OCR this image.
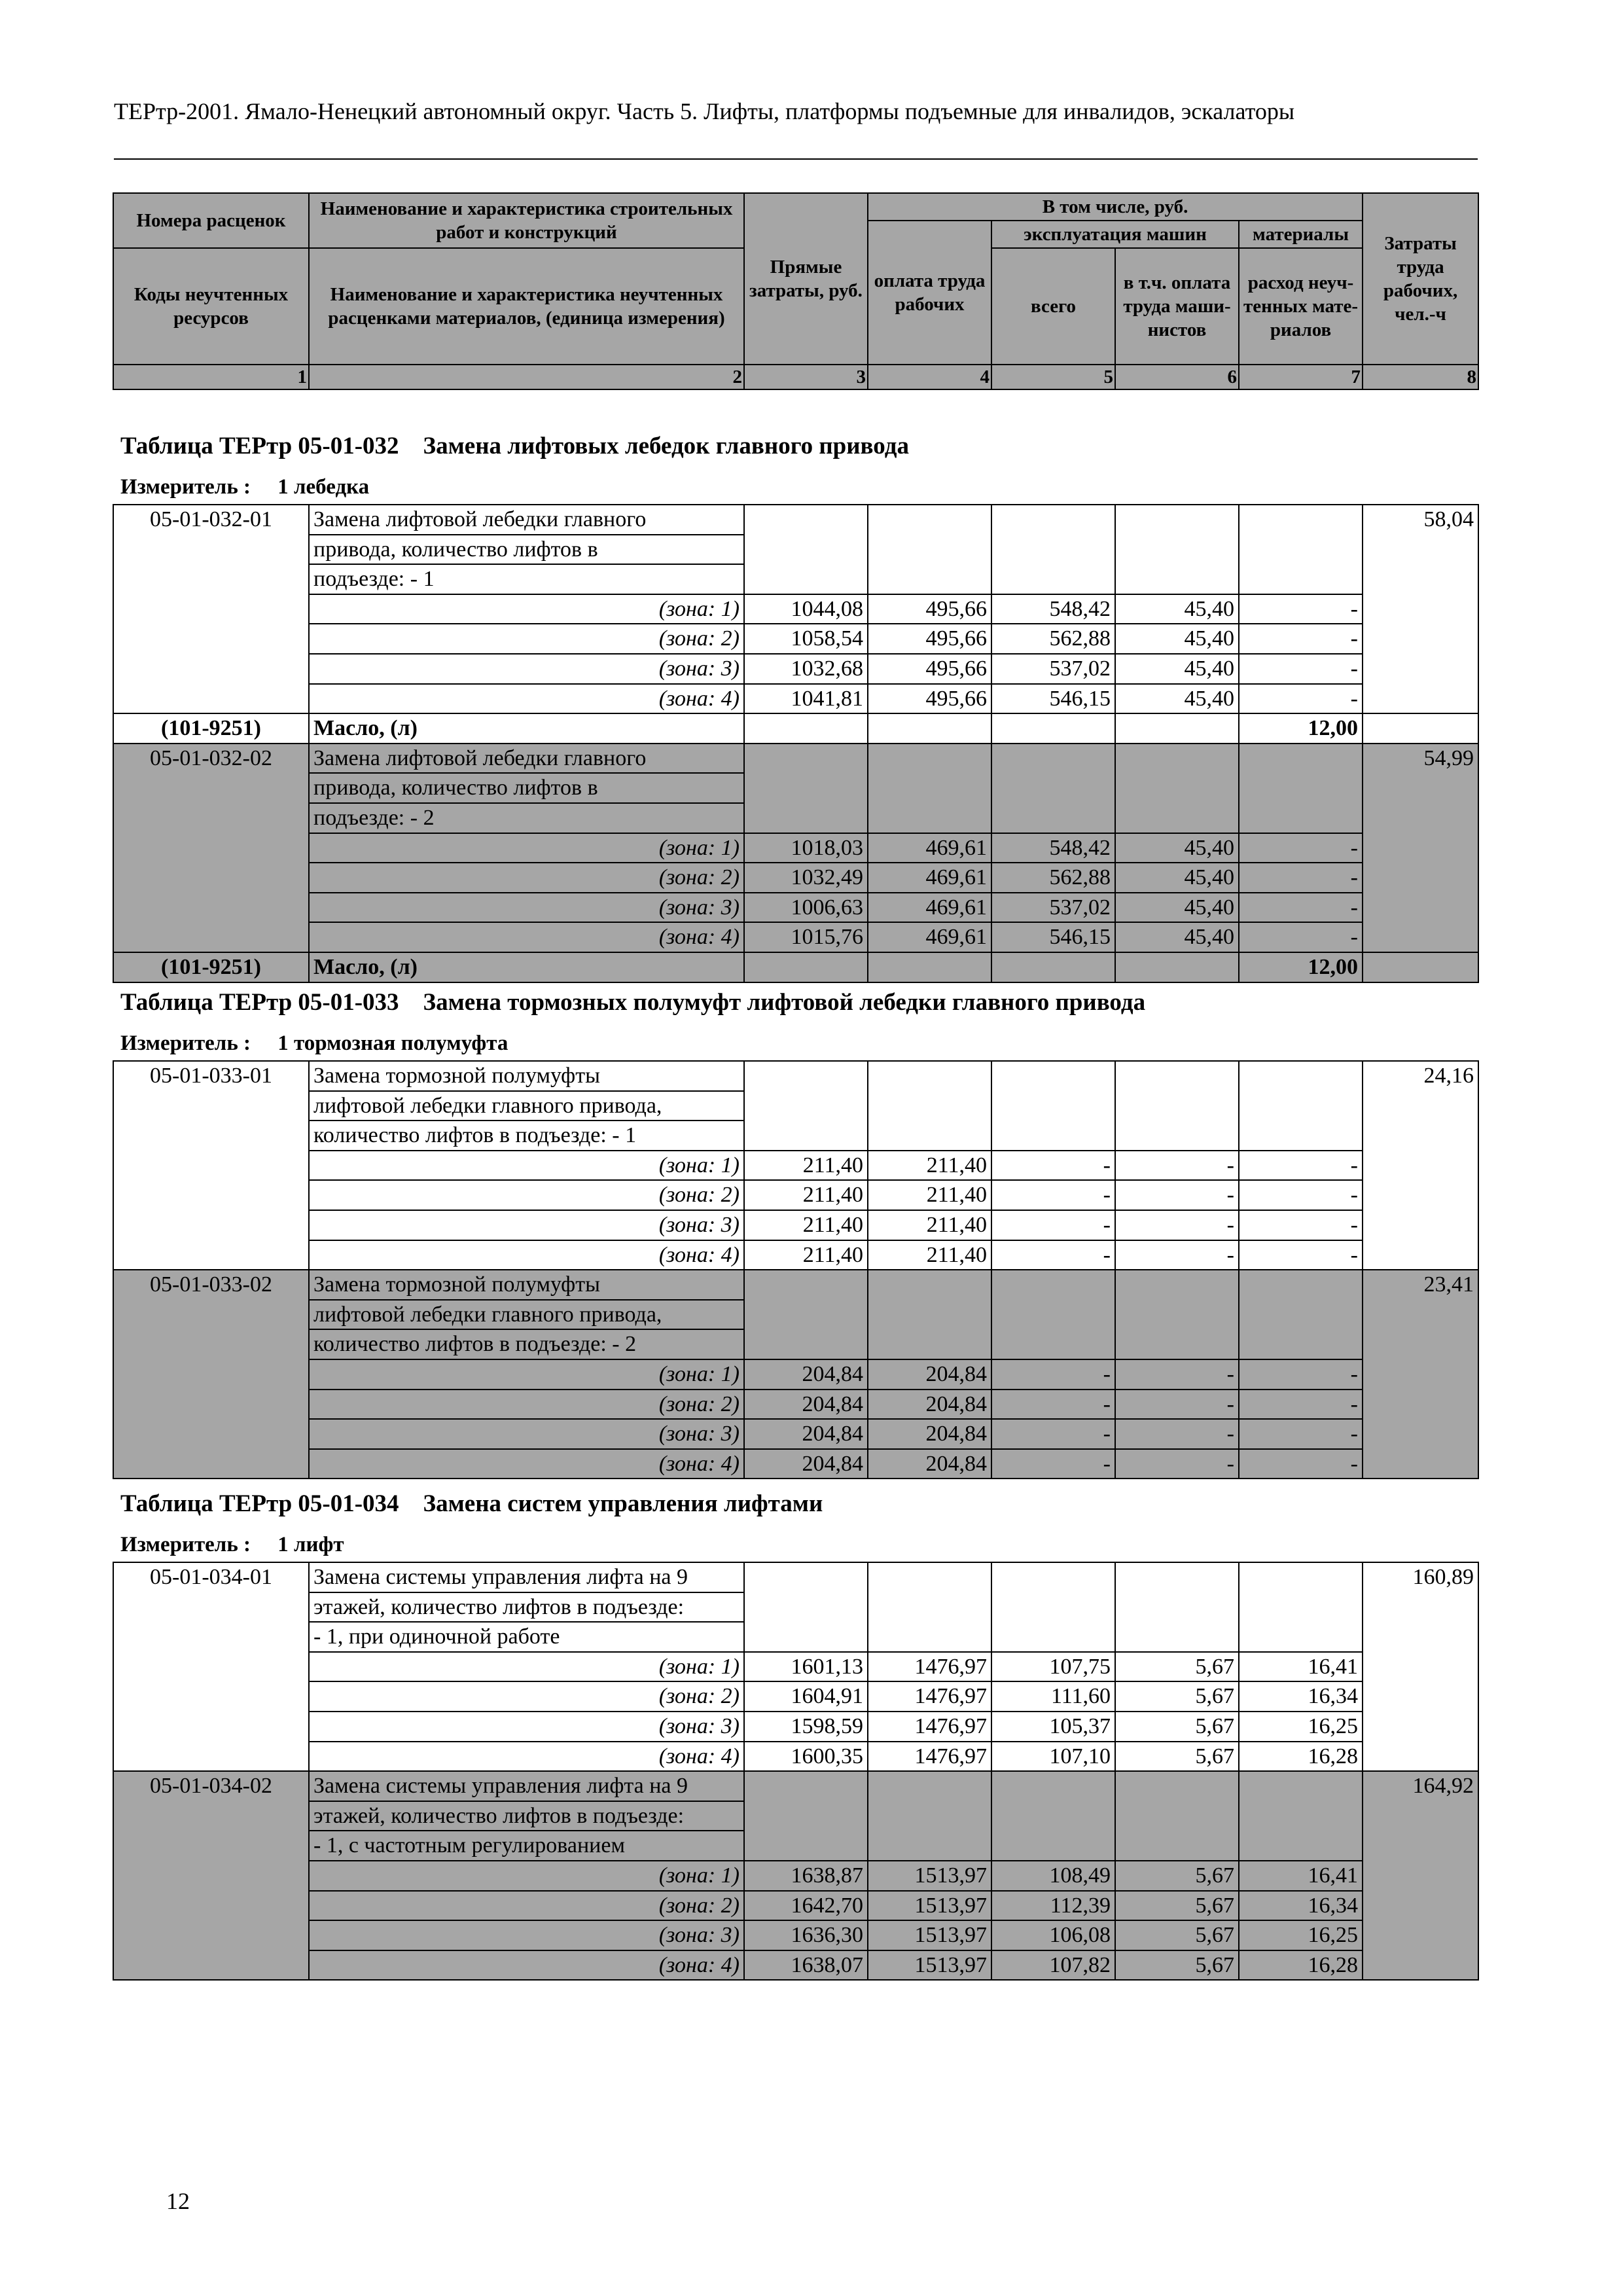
ТЕРтр-2001. Ямало-Ненецкий автономный округ. Часть 5. Лифты, платформы подъемные для инвалидов, эскалаторы
Номера расценок	Наименование и характеристика строительных работ и конструкций	Прямые затраты, руб.	В том числе, руб.				Затраты труда рабочих, чел.-ч
			оплата труда рабочих	эксплуатация машин		материалы	
Коды неучтенных ресурсов	Наименование и характеристика неучтенных расценками материалов, (единица измерения)			всего	в т.ч. оплата труда маши-нистов	расход неуч-тенных мате-риалов	

1	2	3	4	5	6	7	8
Таблица ТЕРтр 05-01-032    Замена лифтовых лебедок главного привода
Измеритель :     1 лебедка
05-01-032-01	Замена лифтовой лебедки главного						58,04
	привода, количество лифтов в						
	подъезде: - 1						
	(зона: 1)	1044,08	495,66	548,42	45,40	-	
	(зона: 2)	1058,54	495,66	562,88	45,40	-	
	(зона: 3)	1032,68	495,66	537,02	45,40	-	
	(зона: 4)	1041,81	495,66	546,15	45,40	-	
(101-9251)	Масло, (л)					12,00	
05-01-032-02	Замена лифтовой лебедки главного						54,99
	привода, количество лифтов в						
	подъезде: - 2						
	(зона: 1)	1018,03	469,61	548,42	45,40	-	
	(зона: 2)	1032,49	469,61	562,88	45,40	-	
	(зона: 3)	1006,63	469,61	537,02	45,40	-	
	(зона: 4)	1015,76	469,61	546,15	45,40	-	
(101-9251)	Масло, (л)					12,00	
Таблица ТЕРтр 05-01-033    Замена тормозных полумуфт лифтовой лебедки главного привода
Измеритель :     1 тормозная полумуфта
05-01-033-01	Замена тормозной полумуфты						24,16
	лифтовой лебедки главного привода,						
	количество лифтов в подъезде: - 1						
	(зона: 1)	211,40	211,40	-	-	-	
	(зона: 2)	211,40	211,40	-	-	-	
	(зона: 3)	211,40	211,40	-	-	-	
	(зона: 4)	211,40	211,40	-	-	-	
05-01-033-02	Замена тормозной полумуфты						23,41
	лифтовой лебедки главного привода,						
	количество лифтов в подъезде: - 2						
	(зона: 1)	204,84	204,84	-	-	-	
	(зона: 2)	204,84	204,84	-	-	-	
	(зона: 3)	204,84	204,84	-	-	-	
	(зона: 4)	204,84	204,84	-	-	-	
Таблица ТЕРтр 05-01-034    Замена систем управления лифтами
Измеритель :     1 лифт
05-01-034-01	Замена системы управления лифта на 9						160,89
	этажей, количество лифтов в подъезде:						
	- 1, при одиночной работе						
	(зона: 1)	1601,13	1476,97	107,75	5,67	16,41	
	(зона: 2)	1604,91	1476,97	111,60	5,67	16,34	
	(зона: 3)	1598,59	1476,97	105,37	5,67	16,25	
	(зона: 4)	1600,35	1476,97	107,10	5,67	16,28	
05-01-034-02	Замена системы управления лифта на 9						164,92
	этажей, количество лифтов в подъезде:						
	- 1, с частотным регулированием						
	(зона: 1)	1638,87	1513,97	108,49	5,67	16,41	
	(зона: 2)	1642,70	1513,97	112,39	5,67	16,34	
	(зона: 3)	1636,30	1513,97	106,08	5,67	16,25	
	(зона: 4)	1638,07	1513,97	107,82	5,67	16,28	
12
